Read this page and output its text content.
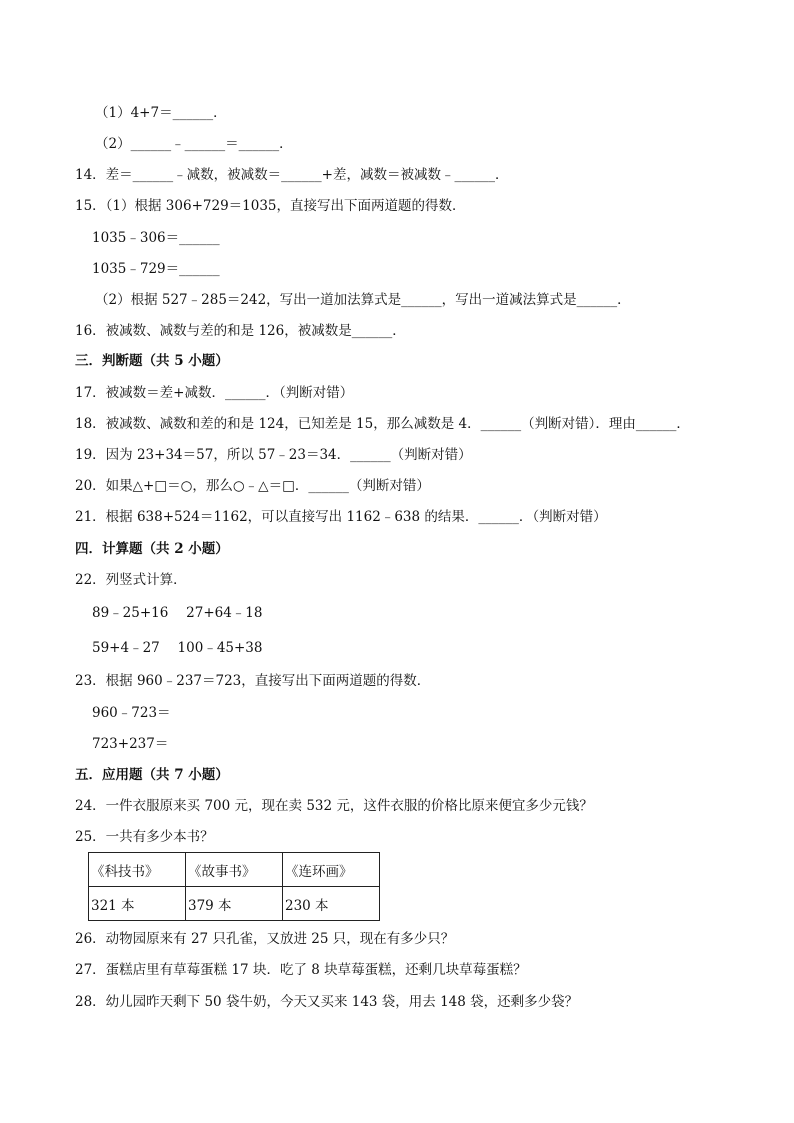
（1）4+7＝______．
（2）______﹣______＝______．
14．差＝______﹣减数，被减数＝______+差，减数＝被减数﹣______．
15．（1）根据 306+729＝1035，直接写出下面两道题的得数．
1035﹣306＝______
1035﹣729＝______
（2）根据 527﹣285＝242，写出一道加法算式是______，写出一道减法算式是______．
16．被减数、减数与差的和是 126，被减数是______．
三．判断题（共 5 小题）
17．被减数＝差+减数．______．（判断对错）
18．被减数、减数和差的和是 124，已知差是 15，那么减数是 4．______（判断对错）．理由______．
19．因为 23+34＝57，所以 57﹣23＝34．______（判断对错）
20．如果△+□＝○，那么○﹣△＝□．______（判断对错）
21．根据 638+524＝1162，可以直接写出 1162﹣638 的结果．______．（判断对错）
四．计算题（共 2 小题）
22．列竖式计算．
89﹣25+16　 27+64﹣18
59+4﹣27　 100﹣45+38
23．根据 960﹣237＝723，直接写出下面两道题的得数．
960﹣723＝
723+237＝
五．应用题（共 7 小题）
24．一件衣服原来买 700 元，现在卖 532 元，这件衣服的价格比原来便宜多少元钱？
25．一共有多少本书？
《科技书》	《故事书》	《连环画》
321 本	379 本	230 本
26．动物园原来有 27 只孔雀，又放进 25 只，现在有多少只？
27．蛋糕店里有草莓蛋糕 17 块．吃了 8 块草莓蛋糕，还剩几块草莓蛋糕？
28．幼儿园昨天剩下 50 袋牛奶，今天又买来 143 袋，用去 148 袋，还剩多少袋？
